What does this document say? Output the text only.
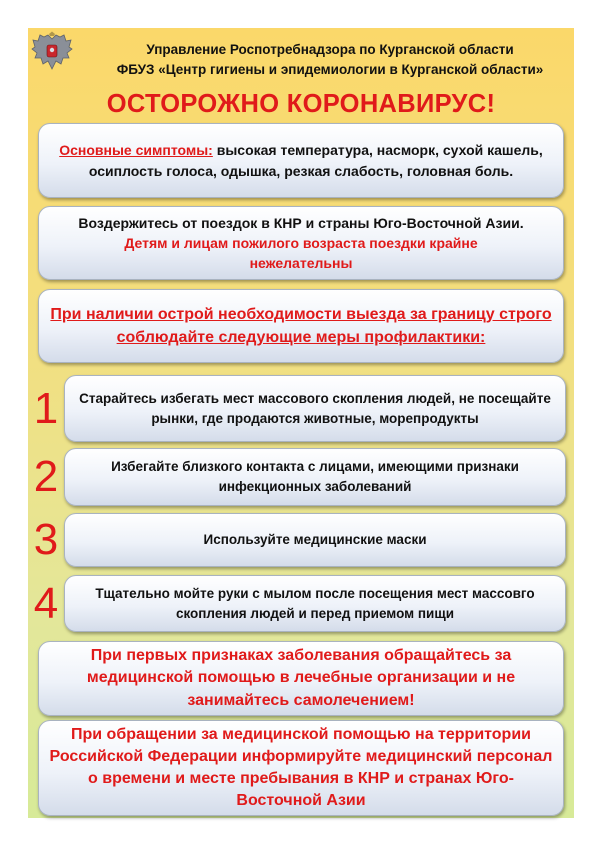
Управление Роспотребнадзора по Курганской области
ФБУЗ «Центр гигиены и эпидемиологии в Курганской области»
ОСТОРОЖНО КОРОНАВИРУС!
Основные симптомы: высокая температура, насморк, сухой кашель, осиплость голоса, одышка, резкая слабость, головная боль.
Воздержитесь от поездок в КНР и страны Юго-Восточной Азии.
Детям и лицам пожилого возраста поездки крайне нежелательны
При наличии острой необходимости выезда за границу строго соблюдайте следующие меры профилактики:
1 Старайтесь избегать мест массового скопления людей, не посещайте рынки, где продаются животные, морепродукты
2	Избегайте близкого контакта с лицами, имеющими признаки инфекционных заболеваний
3	Используйте медицинские маски
4	Тщательно мойте руки с мылом после посещения мест массовго скопления людей и перед приемом пищи
При первых признаках заболевания обращайтесь за медицинской помощью в лечебные организации и не занимайтесь самолечением!
При обращении за медицинской помощью на территории Российской Федерации информируйте медицинский персонал о времени и месте пребывания в КНР и странах Юго-Восточной Азии
